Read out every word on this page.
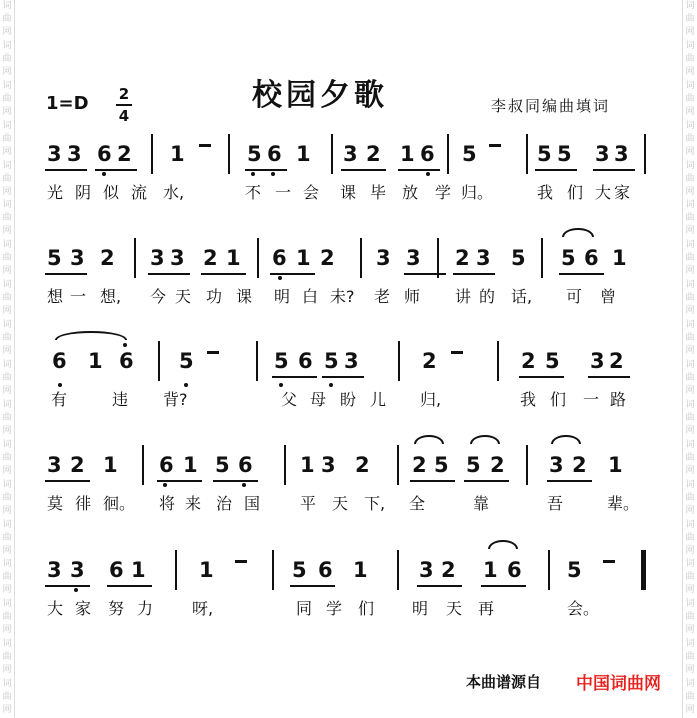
词
曲
网
词
曲
网
词
曲
网
词
曲
网
词
曲
网
词
曲
网
词
曲
网
词
曲
网
词
曲
网
词
曲
网
词
曲
网
词
曲
网
词
曲
网
词
曲
网
词
曲
网
词
曲
网
词
曲
网
词
曲
网
词
曲
网
词
曲
网
词
曲
网
词
曲
网
词
曲
网
词
曲
网
词
曲
网
词
曲
网
词
曲
网
词
曲
网
词
曲
网
词
曲
网
词
曲
网
词
曲
网
词
曲
网
词
曲
网
词
曲
网
词
曲
网
校园夕歌
1=D 2
4
李叔同编曲填词
3 3 6 2 1	5 6 1 3 2 1 6 5	5 5 3 3
光 阴 似 流 水,	不 一 会 课 毕 放 学 归。	我 们 大 家
5 3 2 3 3 2 1 6 1 2 3 3 2 3 5 5 6 1
想 一 想, 今 天 功 课 明 白 未? 老 师 讲 的 话, 可 曾
6 1 6 5	5 6 5 3	2	2 5 3 2
有	违 背?	父 母 盼 儿 归,	我 们 一 路
3 2 1 6 1 5 6 1 3 2 2 5 5 2 3 2 1
莫 徘 徊。 将 来 治 国 平 天 下, 全	靠	吾	辈。
3 3 6 1	1	5 6 1 3 2 1 6 5
大 家 努 力 呀,	同 学 们 明 天 再	会。
本曲谱源自 中国词曲网
